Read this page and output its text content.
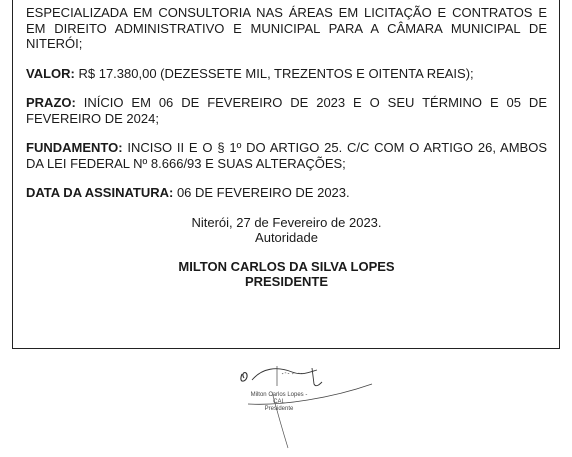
ESPECIALIZADA EM CONSULTORIA NAS ÁREAS EM LICITAÇÃO E CONTRATOS E EM DIREITO ADMINISTRATIVO E MUNICIPAL PARA A CÂMARA MUNICIPAL DE NITERÓI;

VALOR: R$ 17.380,00 (DEZESSETE MIL, TREZENTOS E OITENTA REAIS);

PRAZO: INÍCIO EM 06 DE FEVEREIRO DE 2023 E O SEU TÉRMINO E 05 DE FEVEREIRO DE 2024;

FUNDAMENTO: INCISO II E O § 1º DO ARTIGO 25. C/C COM O ARTIGO 26, AMBOS DA LEI FEDERAL Nº 8.666/93 E SUAS ALTERAÇÕES;

DATA DA ASSINATURA: 06 DE FEVEREIRO DE 2023.

Niterói, 27 de Fevereiro de 2023.
Autoridade
MILTON CARLOS DA SILVA LOPES
PRESIDENTE
Milton Carlos Lopes - CAL
Presidente
